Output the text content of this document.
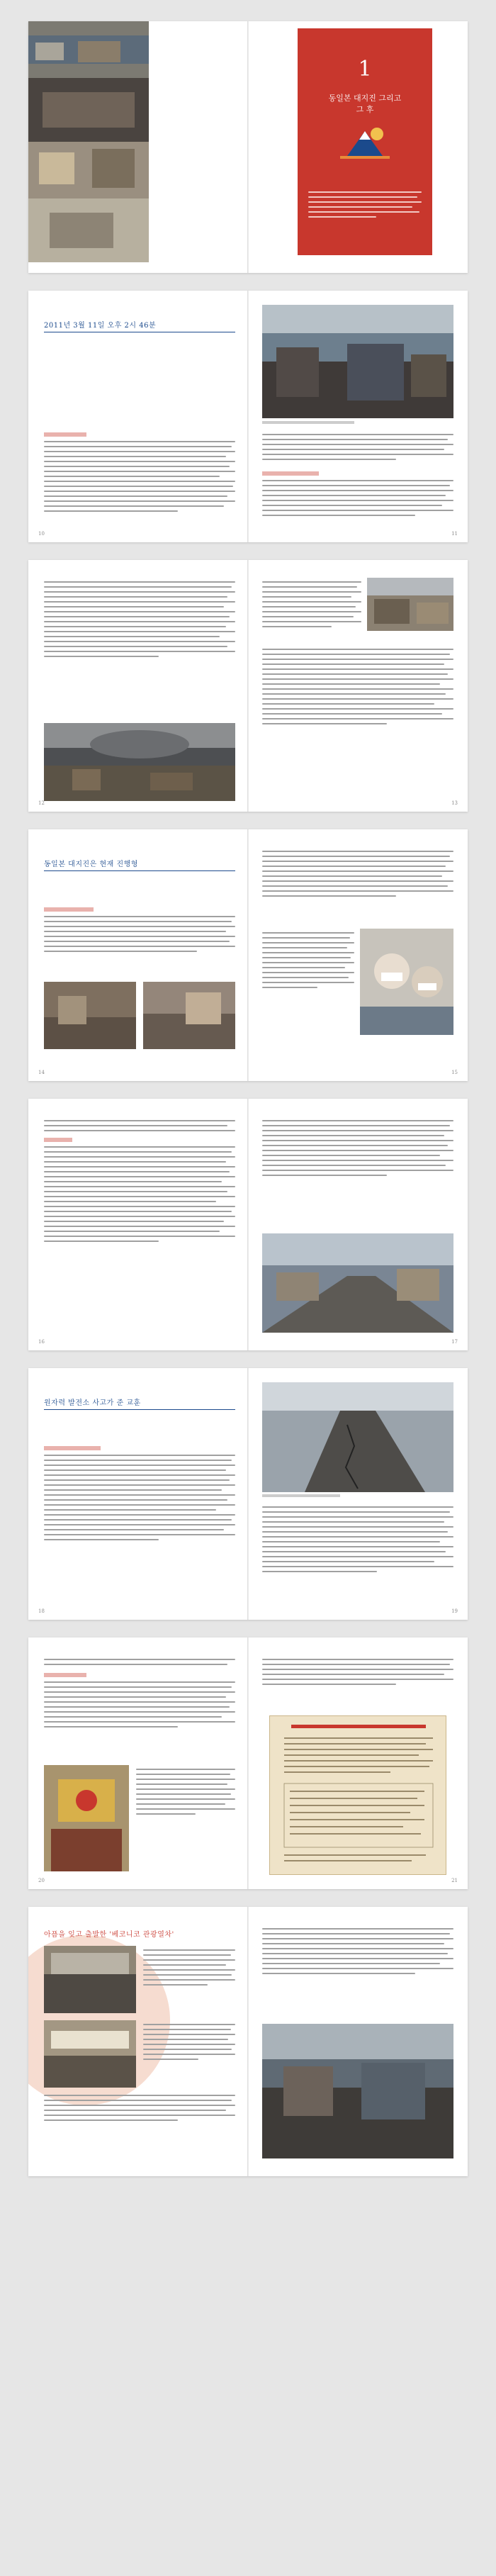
1
동일본 대지진 그리고
그 후
2011년 3월 11일 오후 2시 46분
10	11
12	13
동일본 대지진은 현재 진행형
14	15
16	17
원자력 발전소 사고가 준 교훈
18	19
20	21
아픔을 잊고 출발한 '베코니코 관광열차'
